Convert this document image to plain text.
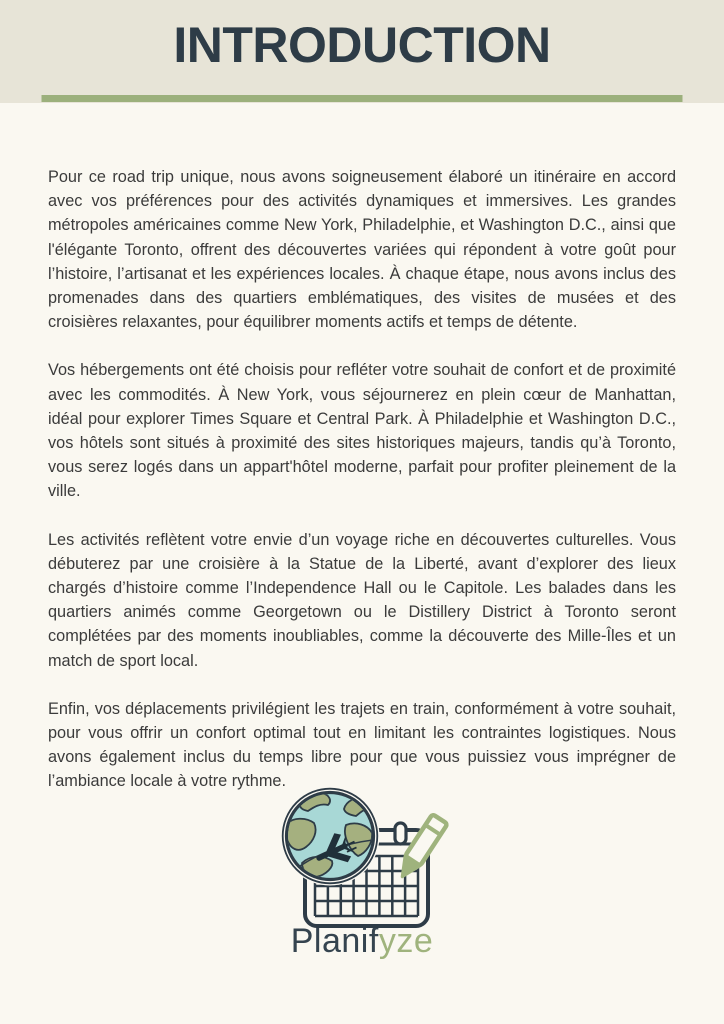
INTRODUCTION

Pour ce road trip unique, nous avons soigneusement élaboré un itinéraire en accord avec vos préférences pour des activités dynamiques et immersives. Les grandes métropoles américaines comme New York, Philadelphie, et Washington D.C., ainsi que l'élégante Toronto, offrent des découvertes variées qui répondent à votre goût pour l’histoire, l’artisanat et les expériences locales. À chaque étape, nous avons inclus des promenades dans des quartiers emblématiques, des visites de musées et des croisières relaxantes, pour équilibrer moments actifs et temps de détente.

Vos hébergements ont été choisis pour refléter votre souhait de confort et de proximité avec les commodités. À New York, vous séjournerez en plein cœur de Manhattan, idéal pour explorer Times Square et Central Park. À Philadelphie et Washington D.C., vos hôtels sont situés à proximité des sites historiques majeurs, tandis qu’à Toronto, vous serez logés dans un appart'hôtel moderne, parfait pour profiter pleinement de la ville.

Les activités reflètent votre envie d’un voyage riche en découvertes culturelles. Vous débuterez par une croisière à la Statue de la Liberté, avant d’explorer des lieux chargés d’histoire comme l’Independence Hall ou le Capitole. Les balades dans les quartiers animés comme Georgetown ou le Distillery District à Toronto seront complétées par des moments inoubliables, comme la découverte des Mille-Îles et un match de sport local.

Enfin, vos déplacements privilégient les trajets en train, conformément à votre souhait, pour vous offrir un confort optimal tout en limitant les contraintes logistiques. Nous avons également inclus du temps libre pour que vous puissiez vous imprégner de l’ambiance locale à votre rythme.

Planifyze
